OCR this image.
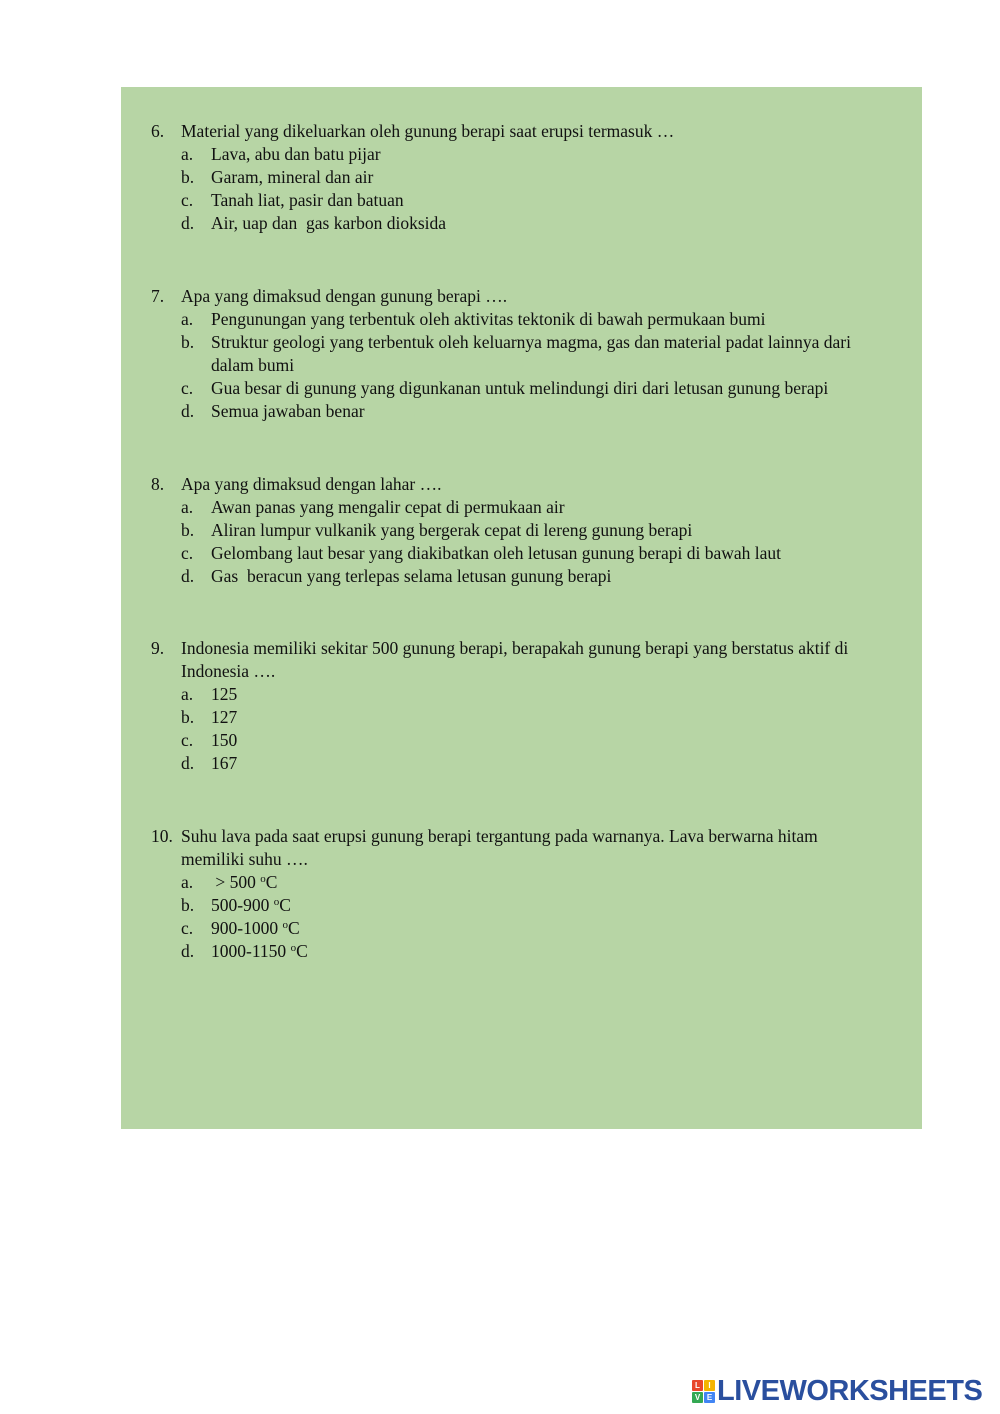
6. Material yang dikeluarkan oleh gunung berapi saat erupsi termasuk …
a.	Lava, abu dan batu pijar
b. Garam, mineral dan air
c.	Tanah liat, pasir dan batuan
d. Air, uap dan  gas karbon dioksida
7. Apa yang dimaksud dengan gunung berapi ….
a.	Pengunungan yang terbentuk oleh aktivitas tektonik di bawah permukaan bumi
b. Struktur geologi yang terbentuk oleh keluarnya magma, gas dan material padat lainnya dari dalam bumi
c.	Gua besar di gunung yang digunkanan untuk melindungi diri dari letusan gunung berapi
d. Semua jawaban benar
8. Apa yang dimaksud dengan lahar ….
a.	Awan panas yang mengalir cepat di permukaan air
b. Aliran lumpur vulkanik yang bergerak cepat di lereng gunung berapi
c.	Gelombang laut besar yang diakibatkan oleh letusan gunung berapi di bawah laut
d. Gas  beracun yang terlepas selama letusan gunung berapi
9. Indonesia memiliki sekitar 500 gunung berapi, berapakah gunung berapi yang berstatus aktif di Indonesia ….
a.	125
b. 127
c.	150
d. 167
10. Suhu lava pada saat erupsi gunung berapi tergantung pada warnanya. Lava berwarna hitam memiliki suhu ….
a.	> 500 $^o$C
b. 500-900 $^o$C
c.	900-1000 $^o$C
d. 1000-1150 $^o$C
L	I
V E LIVEWORKSHEETS
